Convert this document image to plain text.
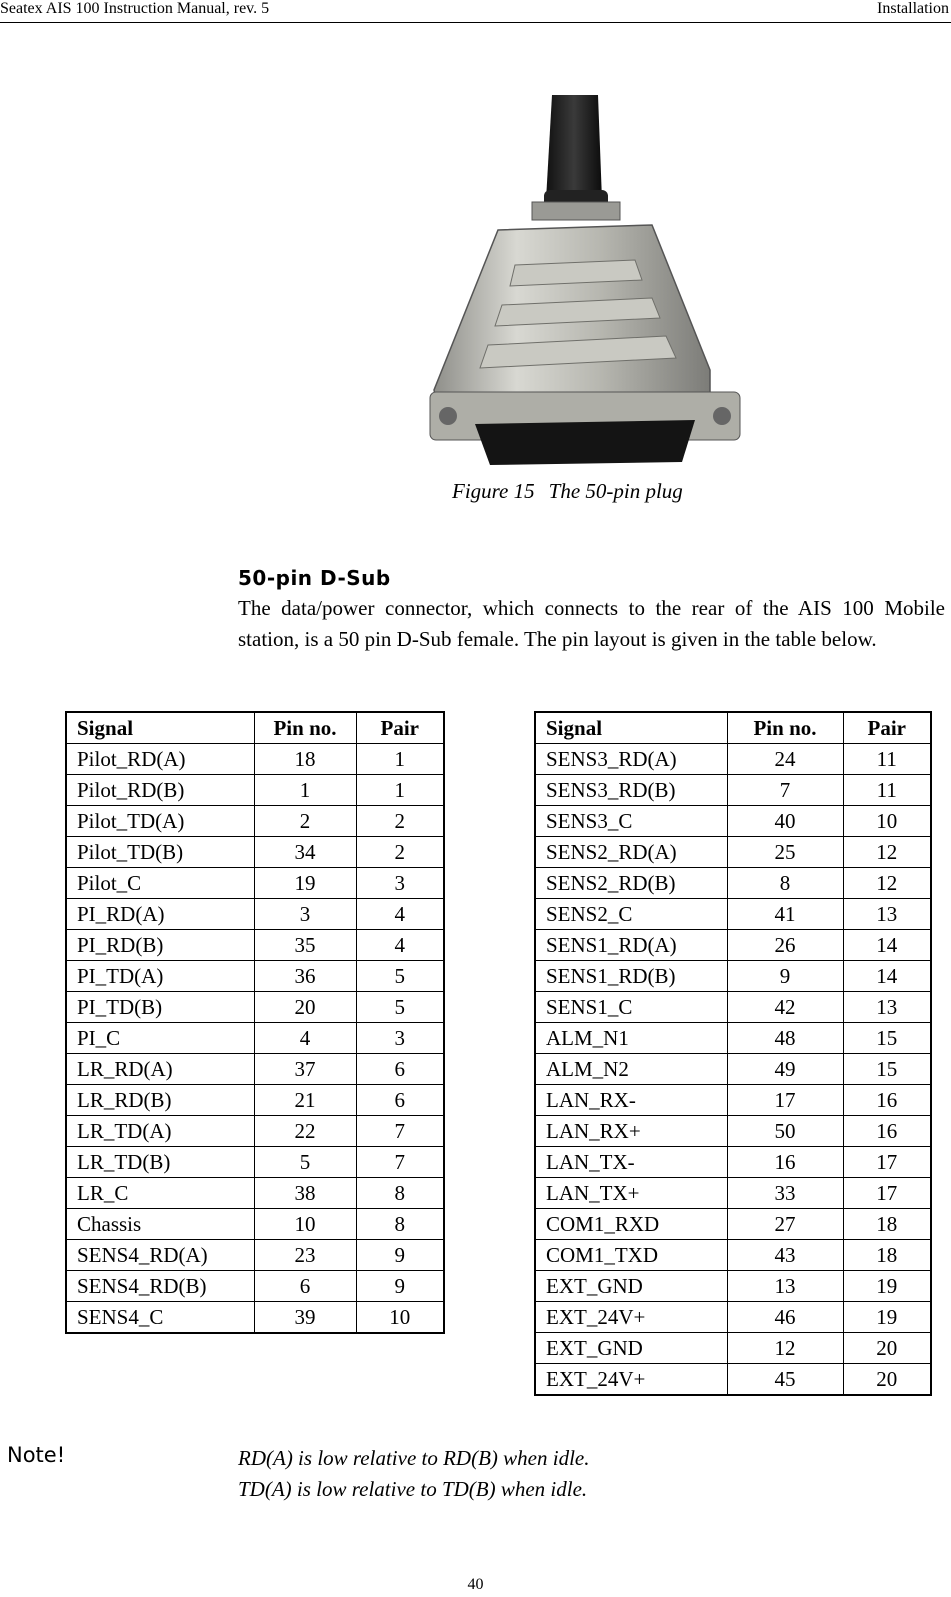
Seatex AIS 100 Instruction Manual, rev. 5	Installation
Figure 15 The 50-pin plug
50-pin D-Sub
The data/power connector, which connects to the rear of the AIS 100 Mobile station, is a 50 pin D-Sub female. The pin layout is given in the table below.
Signal	Pin no.	Pair
Pilot_RD(A)	18	1
Pilot_RD(B)	1	1
Pilot_TD(A)	2	2
Pilot_TD(B)	34	2
Pilot_C	19	3
PI_RD(A)	3	4
PI_RD(B)	35	4
PI_TD(A)	36	5
PI_TD(B)	20	5
PI_C	4	3
LR_RD(A)	37	6
LR_RD(B)	21	6
LR_TD(A)	22	7
LR_TD(B)	5	7
LR_C	38	8
Chassis	10	8
SENS4_RD(A)	23	9
SENS4_RD(B)	6	9
SENS4_C	39	10
Signal	Pin no.	Pair
SENS3_RD(A)	24	11
SENS3_RD(B)	7	11
SENS3_C	40	10
SENS2_RD(A)	25	12
SENS2_RD(B)	8	12
SENS2_C	41	13
SENS1_RD(A)	26	14
SENS1_RD(B)	9	14
SENS1_C	42	13
ALM_N1	48	15
ALM_N2	49	15
LAN_RX-	17	16
LAN_RX+	50	16
LAN_TX-	16	17
LAN_TX+	33	17
COM1_RXD	27	18
COM1_TXD	43	18
EXT_GND	13	19
EXT_24V+	46	19
EXT_GND	12	20
EXT_24V+	45	20
Note!	RD(A) is low relative to RD(B) when idle.
TD(A) is low relative to TD(B) when idle.
40
